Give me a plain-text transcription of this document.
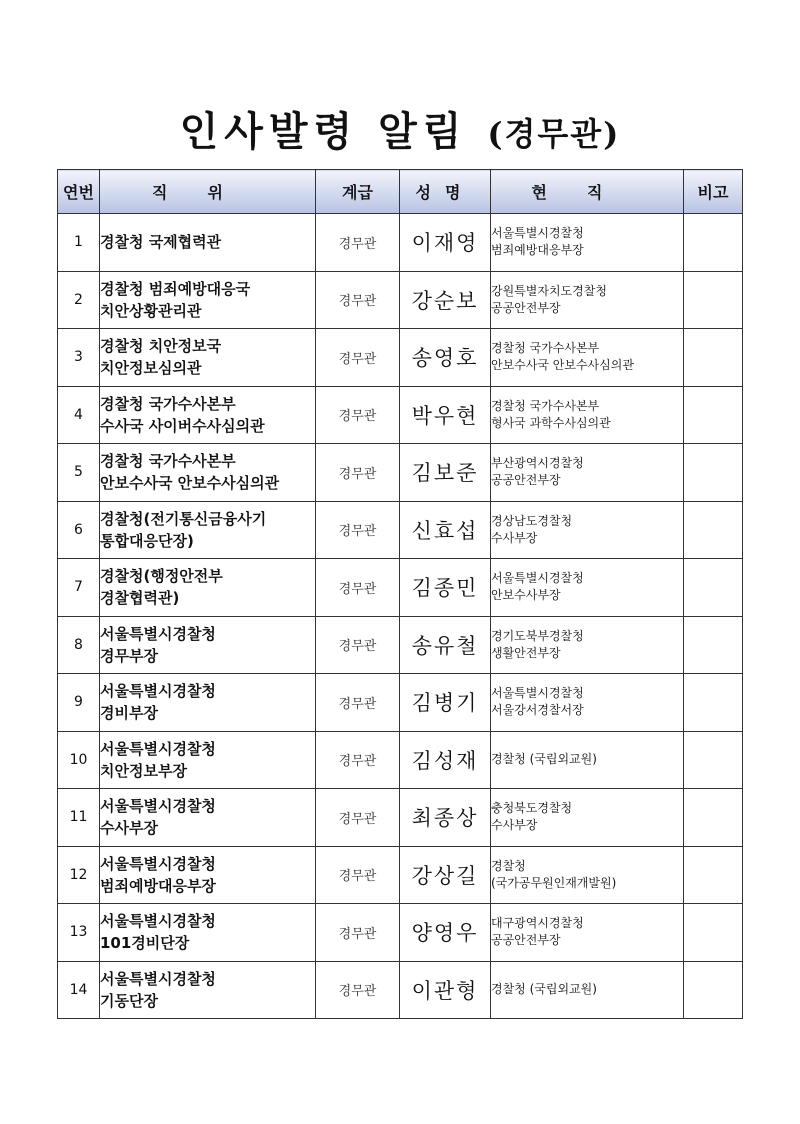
인사발령 알림 (경무관)
연번	직위	계급	성명	현직	비고
1	경찰청 국제협력관	경무관	이재영	서울특별시경찰청
범죄예방대응부장	

2	경찰청 범죄예방대응국
치안상황관리관	경무관	강순보	강원특별자치도경찰청
공공안전부장	

3	경찰청 치안정보국
치안정보심의관	경무관	송영호	경찰청 국가수사본부
안보수사국 안보수사심의관	

4	경찰청 국가수사본부
수사국 사이버수사심의관	경무관	박우현	경찰청 국가수사본부
형사국 과학수사심의관	

5	경찰청 국가수사본부
안보수사국 안보수사심의관	경무관	김보준	부산광역시경찰청
공공안전부장	

6	경찰청(전기통신금융사기
통합대응단장)	경무관	신효섭	경상남도경찰청
수사부장	

7	경찰청(행정안전부
경찰협력관)	경무관	김종민	서울특별시경찰청
안보수사부장	

8	서울특별시경찰청
경무부장	경무관	송유철	경기도북부경찰청
생활안전부장	

9	서울특별시경찰청
경비부장	경무관	김병기	서울특별시경찰청
서울강서경찰서장	

10	서울특별시경찰청
치안정보부장	경무관	김성재	경찰청 (국립외교원)	

11	서울특별시경찰청
수사부장	경무관	최종상	충청북도경찰청
수사부장	

12	서울특별시경찰청
범죄예방대응부장	경무관	강상길	경찰청
(국가공무원인재개발원)	

13	서울특별시경찰청
101경비단장	경무관	양영우	대구광역시경찰청
공공안전부장	

14	서울특별시경찰청
기동단장	경무관	이관형	경찰청 (국립외교원)	
